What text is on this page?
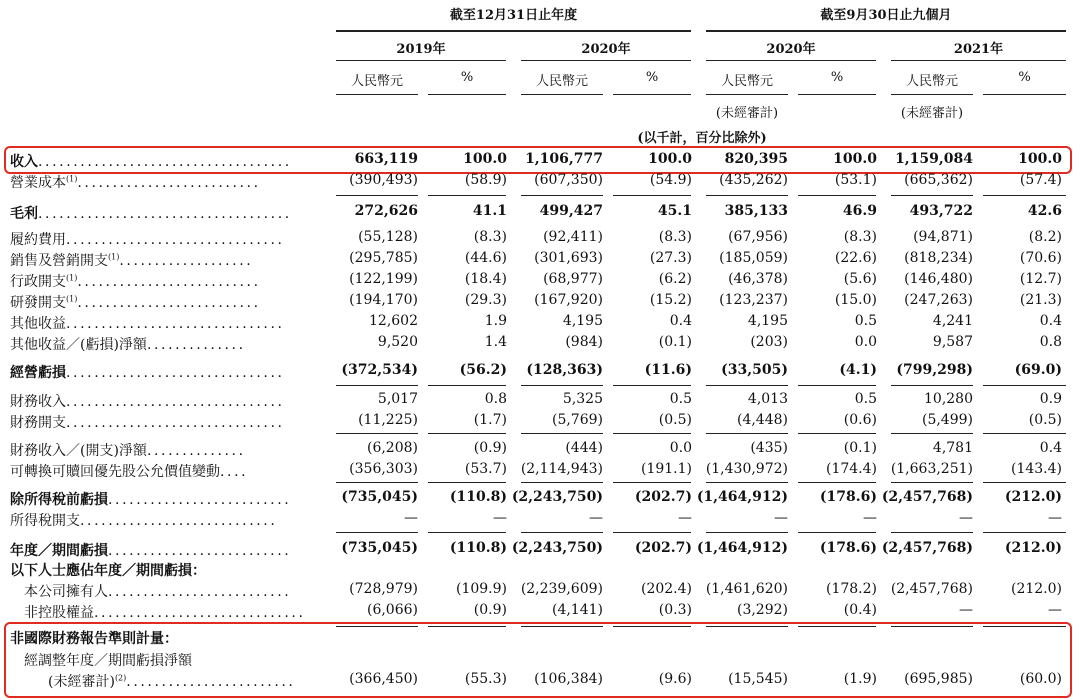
截至12月31日止年度	截至9月30日止九個月
2019年	2020年	2020年	2021年
人民幣元	%	人民幣元	%	人民幣元	%	人民幣元	%
(未經審計)	(未經審計)
(以千計，百分比除外)
收入....................................	663,119	100.0 1,106,777	100.0 820,395	100.0 1,159,084	100.0
營業成本$^{(1)}$..........................	(390,493)	(58.9) (607,350)	(54.9) (435,262)	(53.1) (665,362)	(57.4)
毛利....................................	272,626	41.1 499,427	45.1 385,133	46.9 493,722	42.6
履約費用...............................	(55,128)	(8.3)	(92,411)	(8.3)	(67,956)	(8.3)	(94,871)	(8.2)
銷售及營銷開支$^{(1)}$...................	(295,785)	(44.6) (301,693)	(27.3) (185,059)	(22.6) (818,234)	(70.6)
行政開支$^{(1)}$..........................	(122,199)	(18.4)	(68,977)	(6.2)	(46,378)	(5.6) (146,480)	(12.7)
研發開支$^{(1)}$..........................	(194,170)	(29.3) (167,920)	(15.2) (123,237)	(15.0) (247,263)	(21.3)
其他收益...............................	12,602	1.9	4,195	0.4	4,195	0.5	4,241	0.4
其他收益／(虧損)淨額..............	9,520	1.4	(984)	(0.1)	(203)	0.0	9,587	0.8
經營虧損...............................	(372,534)	(56.2) (128,363)	(11.6) (33,505)	(4.1) (799,298)	(69.0)
財務收入...............................	5,017	0.8	5,325	0.5	4,013	0.5	10,280	0.9
財務開支...............................	(11,225)	(1.7)	(5,769)	(0.5)	(4,448)	(0.6)	(5,499)	(0.5)
財務收入／(開支)淨額..............	(6,208)	(0.9)	(444)	0.0	(435)	(0.1)	4,781	0.4
可轉換可贖回優先股公允價值變動....	(356,303)	(53.7) (2,114,943)	(191.1) (1,430,972)	(174.4) (1,663,251)	(143.4)
除所得稅前虧損..........................	(735,045) (110.8) (2,243,750) (202.7) (1,464,912) (178.6) (2,457,768) (212.0)
所得稅開支............................	—	—	—	—	—	—	—	—
年度／期間虧損..........................	(735,045) (110.8) (2,243,750) (202.7) (1,464,912) (178.6) (2,457,768) (212.0)
以下人士應佔年度／期間虧損：
本公司擁有人..........................	(728,979)	(109.9) (2,239,609)	(202.4) (1,461,620)	(178.2) (2,457,768)	(212.0)
非控股權益..............................	(6,066)	(0.9)	(4,141)	(0.3)	(3,292)	(0.4)	—	—
非國際財務報告準則計量：
經調整年度／期間虧損淨額
(未經審計)$^{(2)}$........................	(366,450)	(55.3) (106,384)	(9.6)	(15,545)	(1.9) (695,985)	(60.0)
